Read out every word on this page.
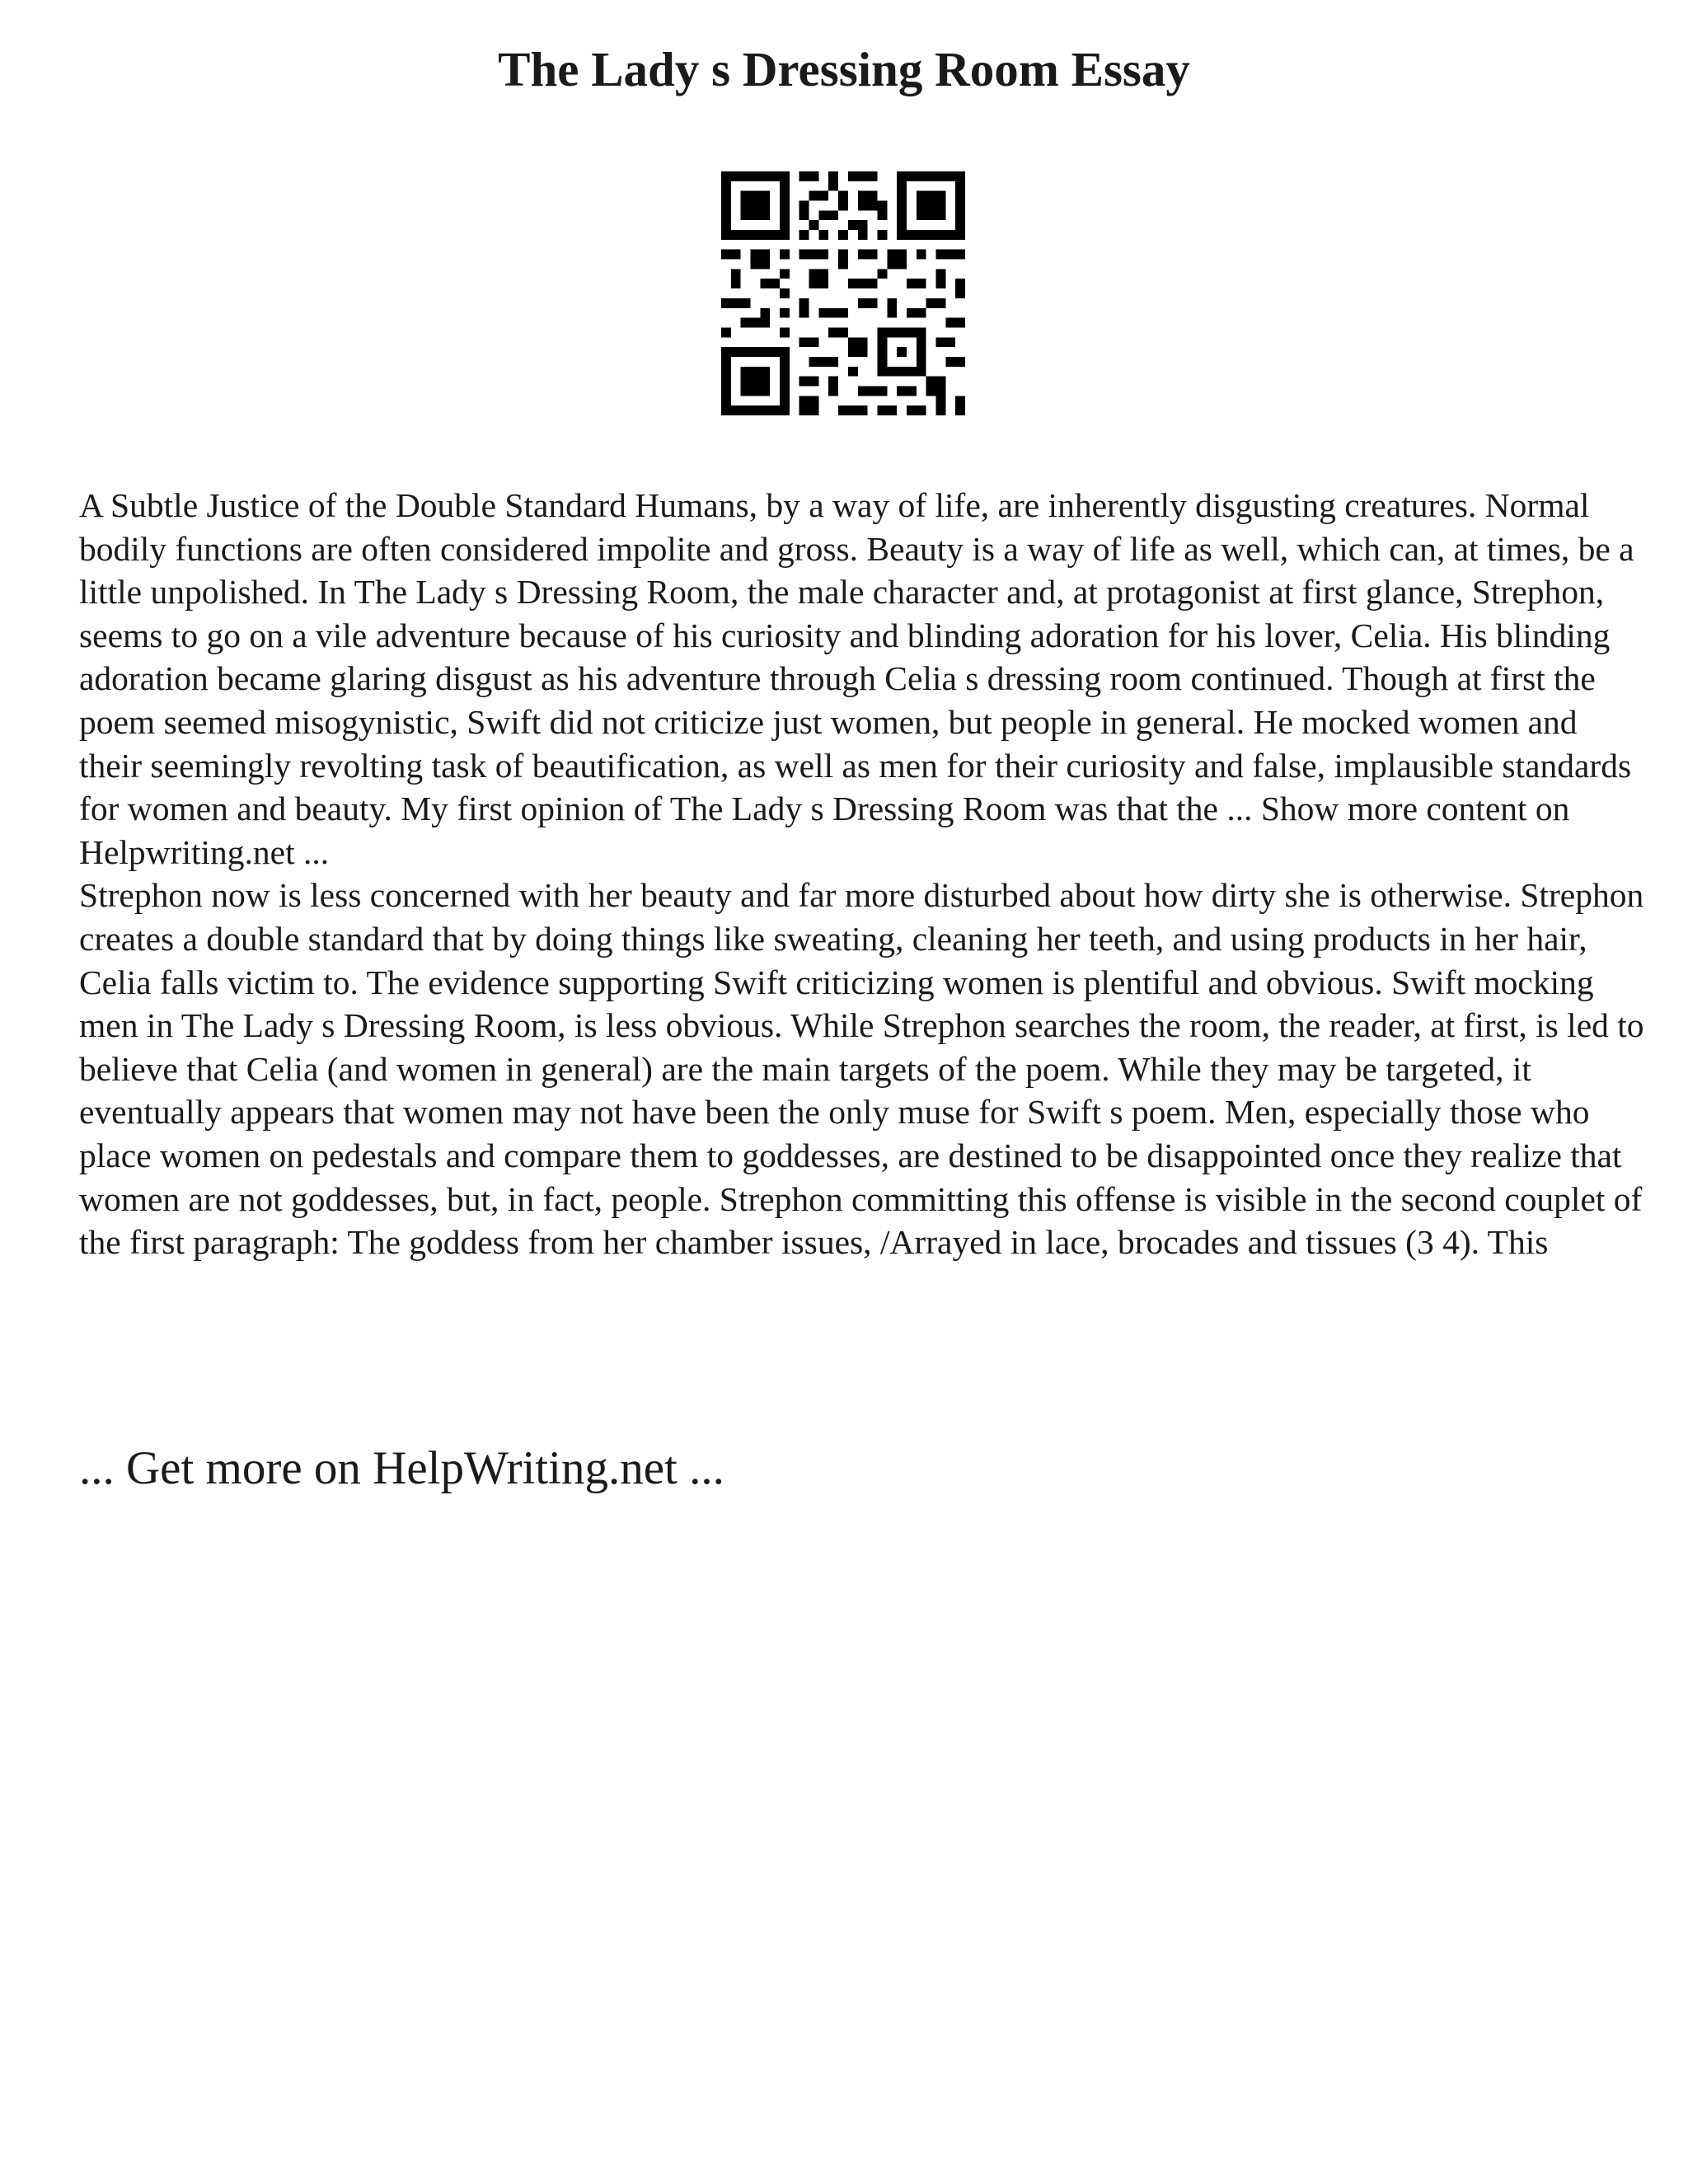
The Lady s Dressing Room Essay

A Subtle Justice of the Double Standard Humans, by a way of life, are inherently disgusting creatures. Normal bodily functions are often considered impolite and gross. Beauty is a way of life as well, which can, at times, be a little unpolished. In The Lady s Dressing Room, the male character and, at protagonist at first glance, Strephon, seems to go on a vile adventure because of his curiosity and blinding adoration for his lover, Celia. His blinding adoration became glaring disgust as his adventure through Celia s dressing room continued. Though at first the poem seemed misogynistic, Swift did not criticize just women, but people in general. He mocked women and their seemingly revolting task of beautification, as well as men for their curiosity and false, implausible standards for women and beauty. My first opinion of The Lady s Dressing Room was that the ... Show more content on Helpwriting.net ...

Strephon now is less concerned with her beauty and far more disturbed about how dirty she is otherwise. Strephon creates a double standard that by doing things like sweating, cleaning her teeth, and using products in her hair, Celia falls victim to. The evidence supporting Swift criticizing women is plentiful and obvious. Swift mocking men in The Lady s Dressing Room, is less obvious. While Strephon searches the room, the reader, at first, is led to believe that Celia (and women in general) are the main targets of the poem. While they may be targeted, it eventually appears that women may not have been the only muse for Swift s poem. Men, especially those who place women on pedestals and compare them to goddesses, are destined to be disappointed once they realize that women are not goddesses, but, in fact, people. Strephon committing this offense is visible in the second couplet of the first paragraph: The goddess from her chamber issues, /Arrayed in lace, brocades and tissues (3 4). This

... Get more on HelpWriting.net ...
